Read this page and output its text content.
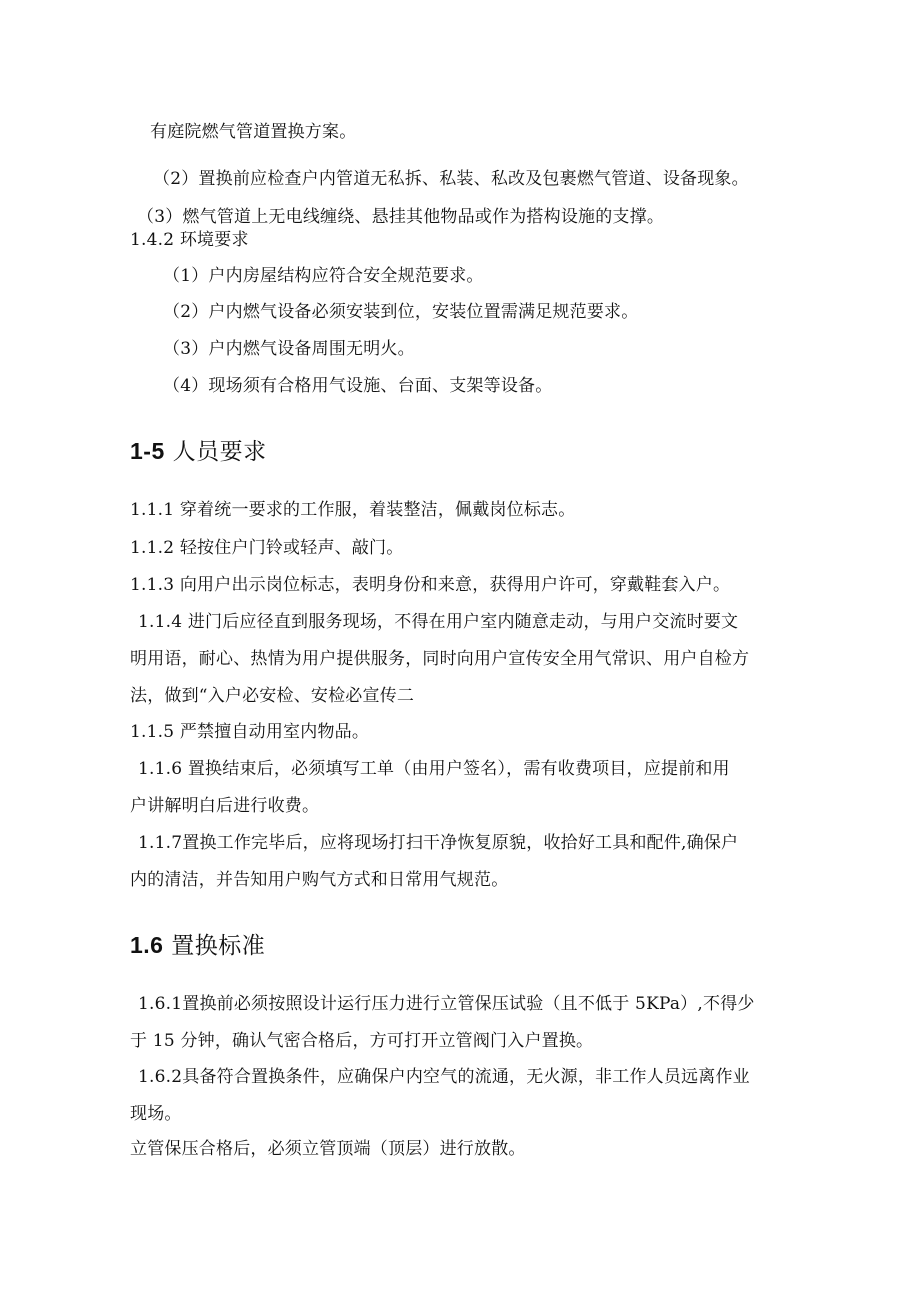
有庭院燃气管道置换方案。
（2）置换前应检查户内管道无私拆、私装、私改及包裹燃气管道、设备现象。
（3）燃气管道上无电线缠绕、悬挂其他物品或作为搭构设施的支撑。
1.4.2 环境要求
（1）户内房屋结构应符合安全规范要求。
（2）户内燃气设备必须安装到位，安装位置需满足规范要求。
（3）户内燃气设备周围无明火。
（4）现场须有合格用气设施、台面、支架等设备。
1-5 人员要求
1.1.1 穿着统一要求的工作服，着装整洁，佩戴岗位标志。
1.1.2 轻按住户门铃或轻声、敲门。
1.1.3 向用户出示岗位标志，表明身份和来意，获得用户许可，穿戴鞋套入户。
1.1.4 进门后应径直到服务现场，不得在用户室内随意走动，与用户交流时要文
明用语，耐心、热情为用户提供服务，同时向用户宣传安全用气常识、用户自检方
法，做到“入户必安检、安检必宣传二
1.1.5 严禁擅自动用室内物品。
1.1.6 置换结束后，必须填写工单（由用户签名），需有收费项目，应提前和用
户讲解明白后进行收费。
1.1.7置换工作完毕后，应将现场打扫干净恢复原貌，收拾好工具和配件,确保户
内的清洁，并告知用户购气方式和日常用气规范。
1.6 置换标准
1.6.1置换前必须按照设计运行压力进行立管保压试验（且不低于 5KPa）,不得少
于 15 分钟，确认气密合格后，方可打开立管阀门入户置换。
1.6.2具备符合置换条件，应确保户内空气的流通，无火源，非工作人员远离作业
现场。
立管保压合格后，必须立管顶端（顶层）进行放散。
